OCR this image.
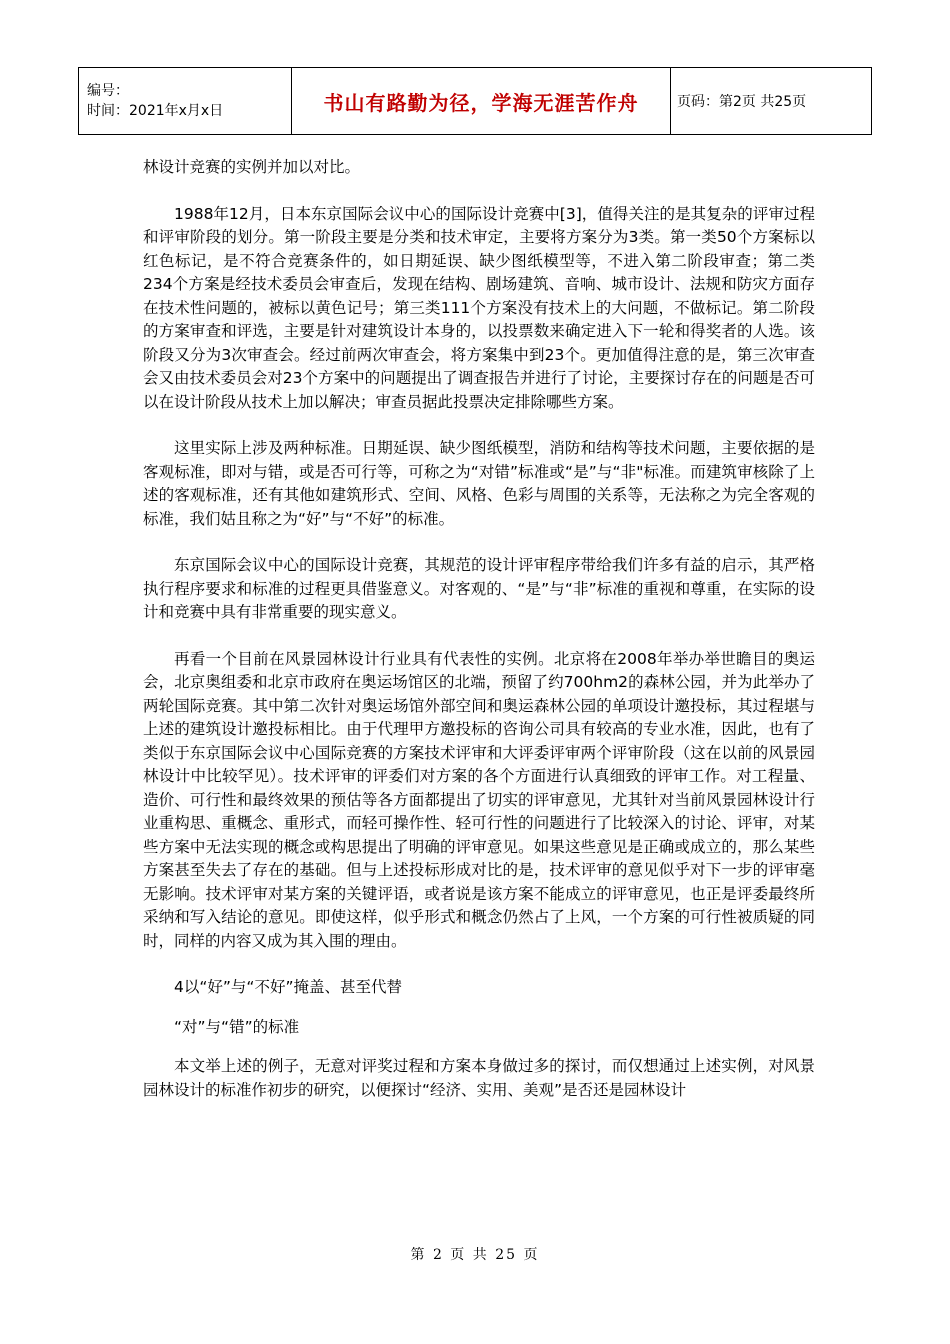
编号：
时间：2021年x月x日	书山有路勤为径，学海无涯苦作舟	页码：第2页 共25页

林设计竞赛的实例并加以对比。

1988年12月，日本东京国际会议中心的国际设计竞赛中[3]，值得关注的是其复杂的评审过程和评审阶段的划分。第一阶段主要是分类和技术审定，主要将方案分为3类。第一类50个方案标以红色标记，是不符合竞赛条件的，如日期延误、缺少图纸模型等，不进入第二阶段审查；第二类234个方案是经技术委员会审查后，发现在结构、剧场建筑、音响、城市设计、法规和防灾方面存在技术性问题的，被标以黄色记号；第三类111个方案没有技术上的大问题，不做标记。第二阶段的方案审查和评选，主要是针对建筑设计本身的，以投票数来确定进入下一轮和得奖者的人选。该阶段又分为3次审查会。经过前两次审查会，将方案集中到23个。更加值得注意的是，第三次审查会又由技术委员会对23个方案中的问题提出了调查报告并进行了讨论，主要探讨存在的问题是否可以在设计阶段从技术上加以解决；审查员据此投票决定排除哪些方案。

这里实际上涉及两种标准。日期延误、缺少图纸模型，消防和结构等技术问题，主要依据的是客观标准，即对与错，或是否可行等，可称之为“对错”标准或“是”与“非"标准。而建筑审核除了上述的客观标准，还有其他如建筑形式、空间、风格、色彩与周围的关系等，无法称之为完全客观的标准，我们姑且称之为“好”与“不好”的标准。

东京国际会议中心的国际设计竞赛，其规范的设计评审程序带给我们许多有益的启示，其严格执行程序要求和标准的过程更具借鉴意义。对客观的、“是”与“非”标准的重视和尊重，在实际的设计和竞赛中具有非常重要的现实意义。

再看一个目前在风景园林设计行业具有代表性的实例。北京将在2008年举办举世瞻目的奥运会，北京奥组委和北京市政府在奥运场馆区的北端，预留了约700hm2的森林公园，并为此举办了两轮国际竞赛。其中第二次针对奥运场馆外部空间和奥运森林公园的单项设计邀投标，其过程堪与上述的建筑设计邀投标相比。由于代理甲方邀投标的咨询公司具有较高的专业水准，因此，也有了类似于东京国际会议中心国际竞赛的方案技术评审和大评委评审两个评审阶段（这在以前的风景园林设计中比较罕见）。技术评审的评委们对方案的各个方面进行认真细致的评审工作。对工程量、造价、可行性和最终效果的预估等各方面都提出了切实的评审意见，尤其针对当前风景园林设计行业重构思、重概念、重形式，而轻可操作性、轻可行性的问题进行了比较深入的讨论、评审，对某些方案中无法实现的概念或构思提出了明确的评审意见。如果这些意见是正确或成立的，那么某些方案甚至失去了存在的基础。但与上述投标形成对比的是，技术评审的意见似乎对下一步的评审毫无影响。技术评审对某方案的关键评语，或者说是该方案不能成立的评审意见，也正是评委最终所采纳和写入结论的意见。即使这样，似乎形式和概念仍然占了上风，一个方案的可行性被质疑的同时，同样的内容又成为其入围的理由。

4以“好”与“不好”掩盖、甚至代替

“对”与“错”的标准

本文举上述的例子，无意对评奖过程和方案本身做过多的探讨，而仅想通过上述实例，对风景园林设计的标准作初步的研究，以便探讨“经济、实用、美观”是否还是园林设计

第 2 页 共 25 页
